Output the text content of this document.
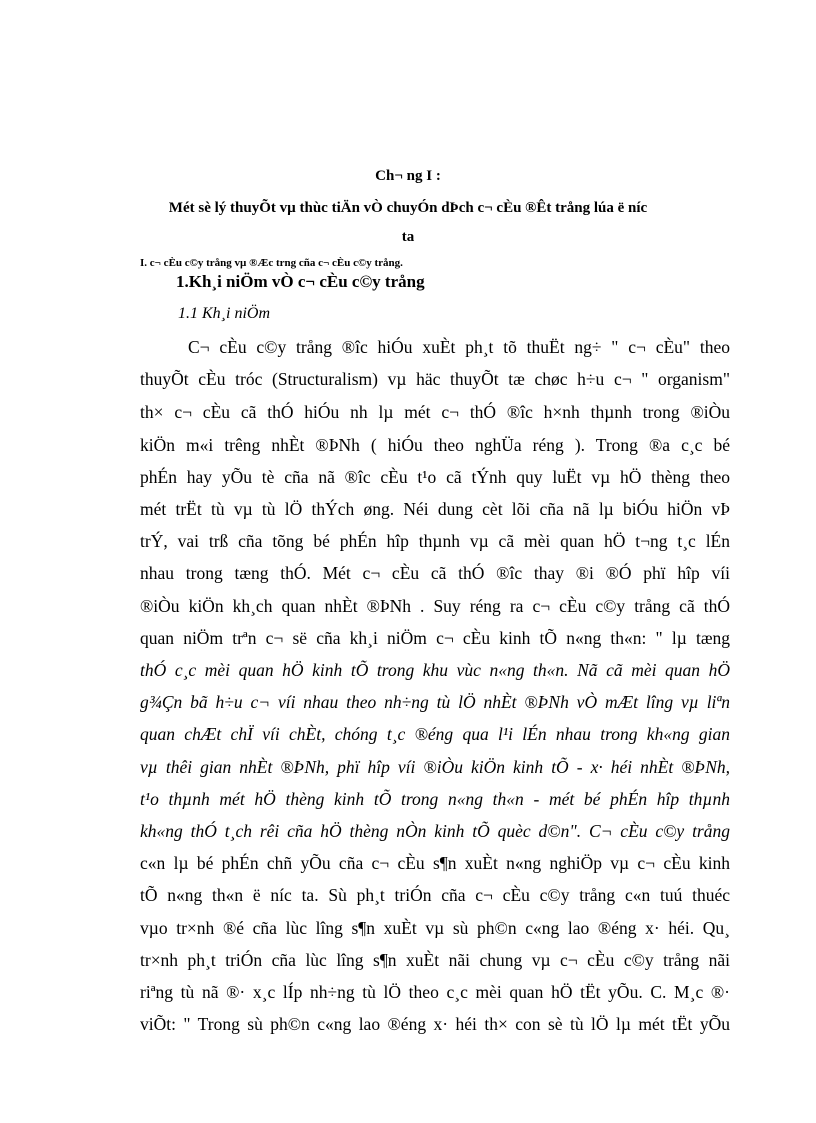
Ch¬ ng I :
Mét sè lý thuyÕt vµ thùc tiÄn vÒ chuyÓn dÞch c¬ cÈu ®Êt trång lúa ë níc
ta
I. c¬ cÈu c©y trång vµ ®Æc trng cña c¬ cÈu c©y trång.
1.Kh¸i niÖm vÒ c¬ cÈu c©y trång
1.1 Kh¸i niÖm
C¬ cÈu c©y trång ®îc hiÓu xuÈt ph¸t tõ thuËt ng÷ " c¬ cÈu" theo
thuyÕt cÈu tróc (Structuralism) vµ häc thuyÕt tæ chøc h÷u c¬ " organism"
th× c¬ cÈu cã thÓ hiÓu nh lµ mét c¬ thÓ ®îc h×nh thµnh trong ®iÒu
kiÖn m«i trêng nhÈt ®ÞNh ( hiÓu theo nghÜa réng ). Trong ®a c¸c bé
phÉn hay yÕu tè cña nã ®îc cÈu t¹o cã tÝnh quy luËt vµ hÖ thèng theo
mét trËt tù vµ tù lÖ thÝch øng. Néi dung cèt lõi cña nã lµ biÓu hiÖn vÞ
trÝ, vai trß cña tõng bé phÉn hîp thµnh vµ cã mèi quan hÖ t¬ng t¸c lÉn
nhau trong tæng thÓ. Mét c¬ cÈu cã thÓ ®îc thay ®i ®Ó phï hîp víi
®iÒu kiÖn kh¸ch quan nhÈt ®ÞNh . Suy réng ra c¬ cÈu c©y trång cã thÓ
quan niÖm trªn c¬ së cña kh¸i niÖm c¬ cÈu kinh tÕ n«ng th«n: " lµ tæng
thÓ c¸c mèi quan hÖ kinh tÕ trong khu vùc n«ng th«n. Nã cã mèi quan hÖ
g¾Çn bã h÷u c¬ víi nhau theo nh÷ng tù lÖ nhÈt ®ÞNh vÒ mÆt lîng vµ liªn
quan chÆt chÏ víi chÈt, chóng t¸c ®éng qua l¹i lÉn nhau trong kh«ng gian
vµ thêi gian nhÈt ®ÞNh, phï hîp víi ®iÒu kiÖn kinh tÕ - x· héi nhÈt ®ÞNh,
t¹o thµnh mét hÖ thèng kinh tÕ trong n«ng th«n - mét bé phÉn hîp thµnh
kh«ng thÓ t¸ch rêi cña hÖ thèng nÒn kinh tÕ quèc d©n". C¬ cÈu c©y trång
c«n lµ bé phÉn chñ yÕu cña c¬ cÈu s¶n xuÈt n«ng nghiÖp vµ c¬ cÈu kinh
tÕ n«ng th«n ë níc ta. Sù ph¸t triÓn cña c¬ cÈu c©y trång c«n tuú thuéc
vµo tr×nh ®é cña lùc lîng s¶n xuÈt vµ sù ph©n c«ng lao ®éng x· héi. Qu¸
tr×nh ph¸t triÓn cña lùc lîng s¶n xuÈt nãi chung vµ c¬ cÈu c©y trång nãi
riªng tù nã ®· x¸c lÍp nh÷ng tù lÖ theo c¸c mèi quan hÖ tËt yÕu. C. M¸c ®·
viÕt: " Trong sù ph©n c«ng lao ®éng x· héi th× con sè tù lÖ lµ mét tËt yÕu
